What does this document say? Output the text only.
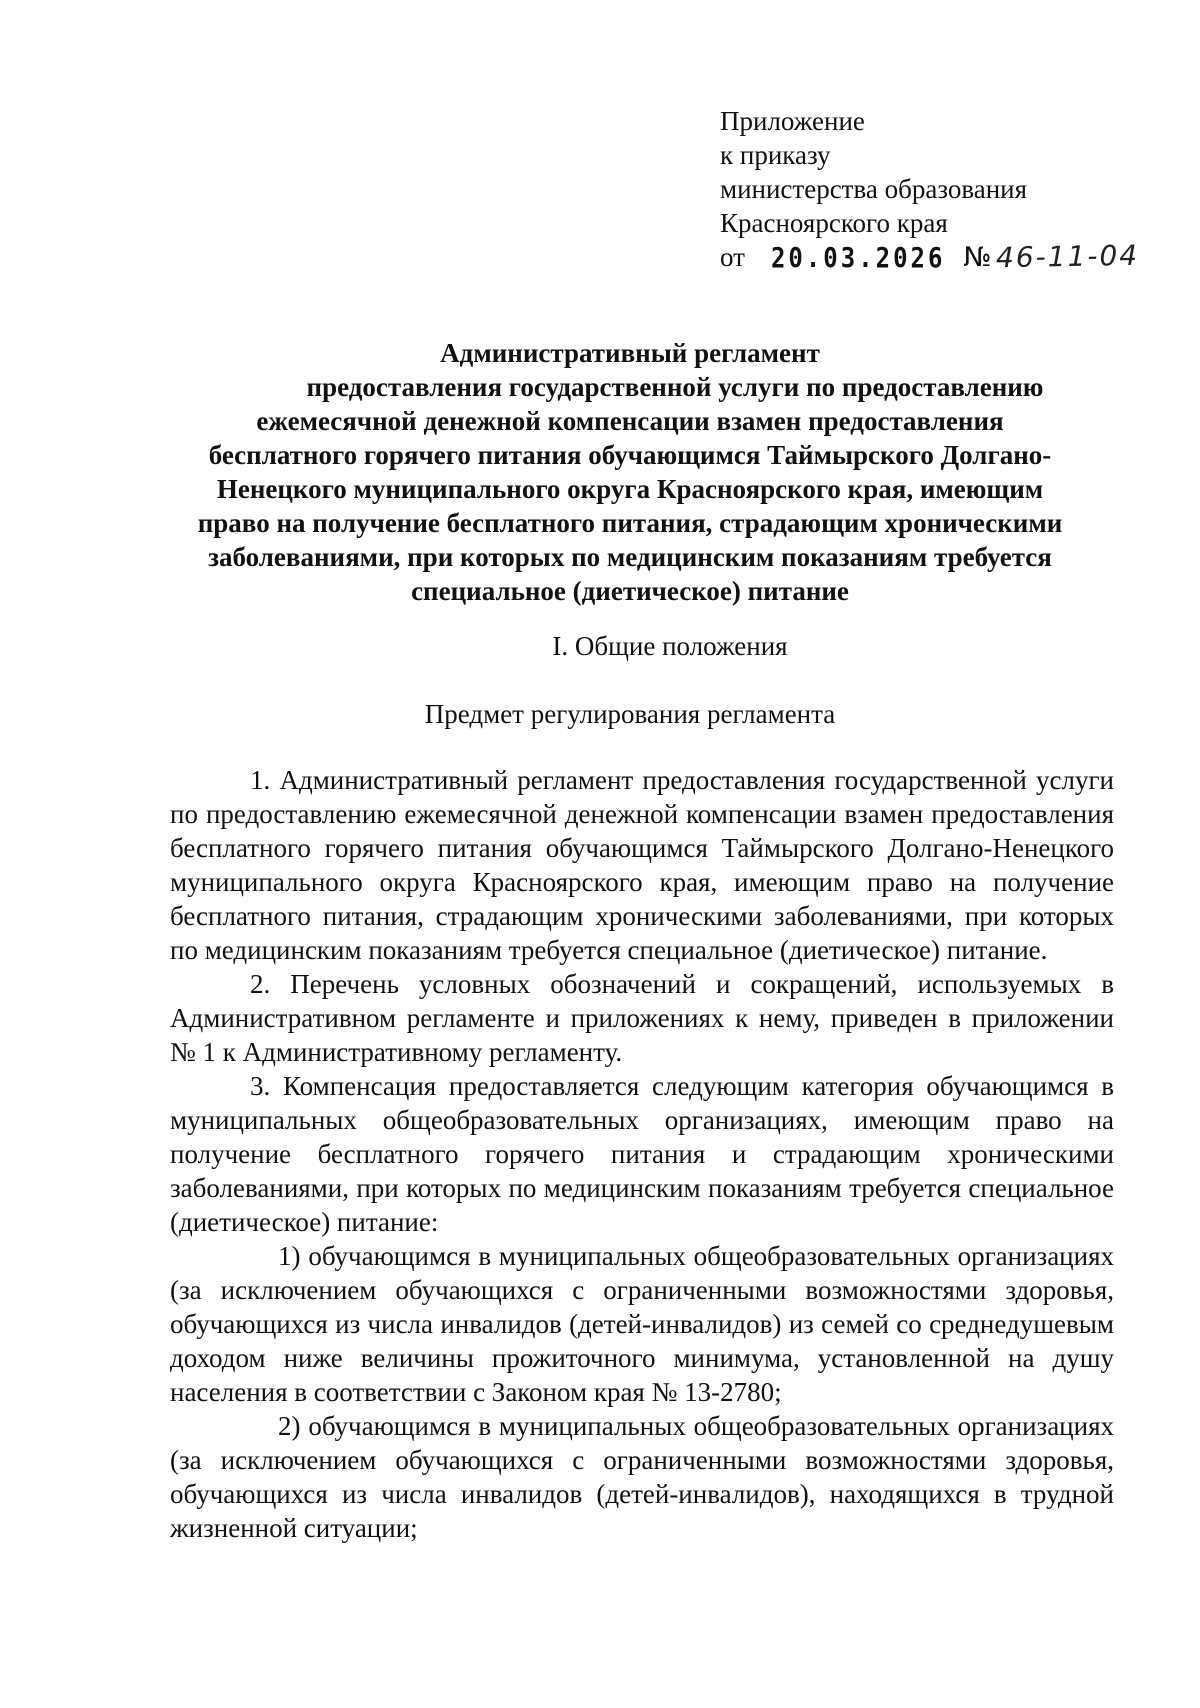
Приложение
к приказу
министерства образования
Красноярского края
от 20.03.2026 № 46-11-04
Административный регламент
предоставления государственной услуги по предоставлению
ежемесячной денежной компенсации взамен предоставления
бесплатного горячего питания обучающимся Таймырского Долгано-
Ненецкого муниципального округа Красноярского края, имеющим
право на получение бесплатного питания, страдающим хроническими
заболеваниями, при которых по медицинским показаниям требуется
специальное (диетическое) питание
I. Общие положения
Предмет регулирования регламента

1. Административный регламент предоставления государственной услуги по предоставлению ежемесячной денежной компенсации взамен предоставления бесплатного горячего питания обучающимся Таймырского Долгано-Ненецкого муниципального округа Красноярского края, имеющим право на получение бесплатного питания, страдающим хроническими заболеваниями, при которых по медицинским показаниям требуется специальное (диетическое) питание.

2. Перечень условных обозначений и сокращений, используемых в Административном регламенте и приложениях к нему, приведен в приложении № 1 к Административному регламенту.

3. Компенсация предоставляется следующим категория обучающимся в муниципальных общеобразовательных организациях, имеющим право на получение бесплатного горячего питания и страдающим хроническими заболеваниями, при которых по медицинским показаниям требуется специальное (диетическое) питание:

1) обучающимся в муниципальных общеобразовательных организациях (за исключением обучающихся с ограниченными возможностями здоровья, обучающихся из числа инвалидов (детей-инвалидов) из семей со среднедушевым доходом ниже величины прожиточного минимума, установленной на душу населения в соответствии с Законом края № 13-2780;

2) обучающимся в муниципальных общеобразовательных организациях (за исключением обучающихся с ограниченными возможностями здоровья, обучающихся из числа инвалидов (детей-инвалидов), находящихся в трудной жизненной ситуации;
